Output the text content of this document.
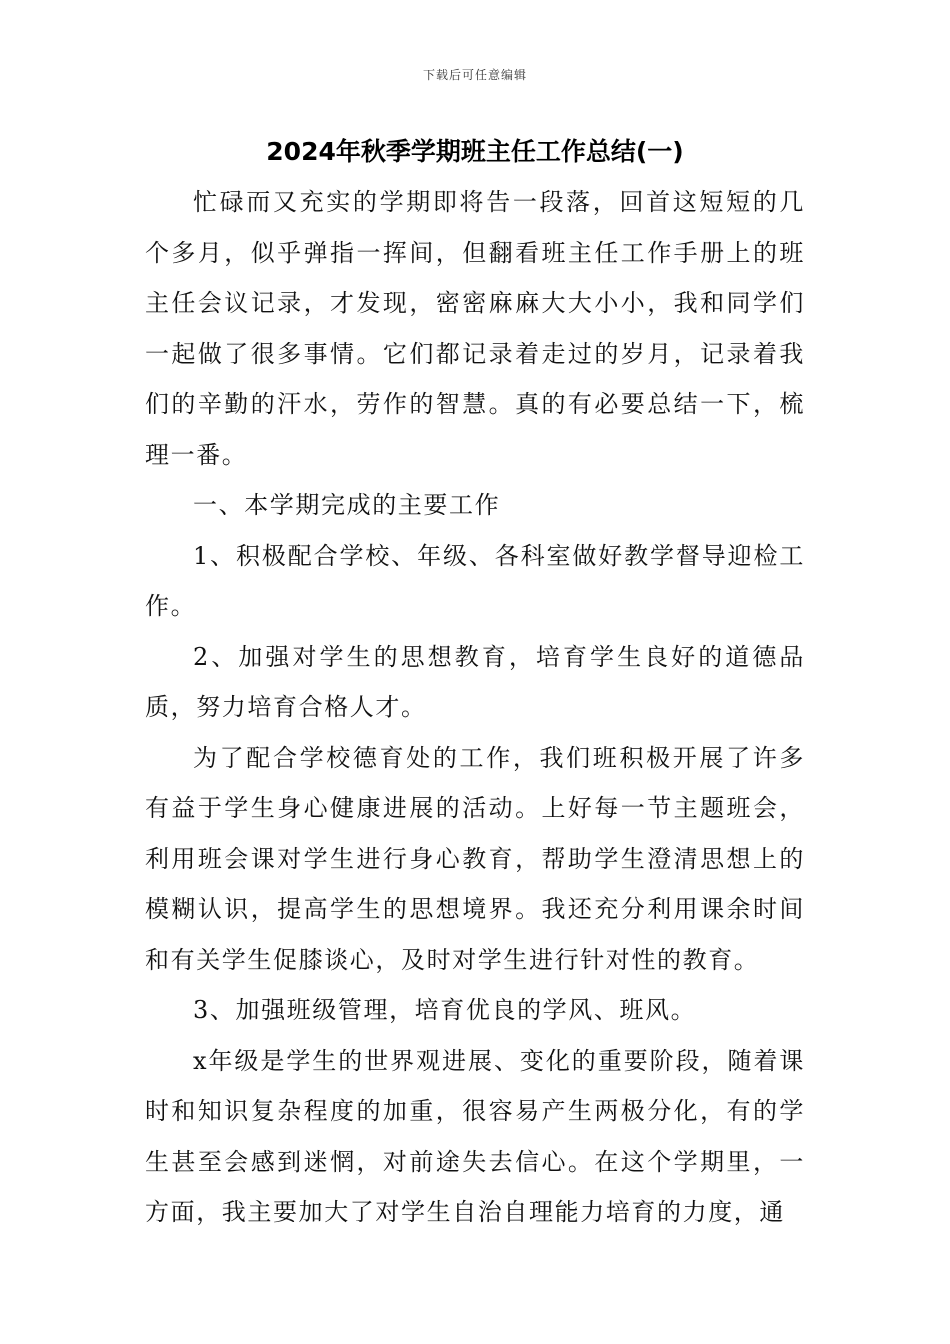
下载后可任意编辑
2024年秋季学期班主任工作总结(一)

忙碌而又充实的学期即将告一段落，回首这短短的几个多月，似乎弹指一挥间，但翻看班主任工作手册上的班主任会议记录，才发现，密密麻麻大大小小，我和同学们一起做了很多事情。它们都记录着走过的岁月，记录着我们的辛勤的汗水，劳作的智慧。真的有必要总结一下，梳理一番。

一、本学期完成的主要工作

1、积极配合学校、年级、各科室做好教学督导迎检工作。

2、加强对学生的思想教育，培育学生良好的道德品质，努力培育合格人才。

为了配合学校德育处的工作，我们班积极开展了许多有益于学生身心健康进展的活动。上好每一节主题班会，利用班会课对学生进行身心教育，帮助学生澄清思想上的模糊认识，提高学生的思想境界。我还充分利用课余时间和有关学生促膝谈心，及时对学生进行针对性的教育。

3、加强班级管理，培育优良的学风、班风。

x年级是学生的世界观进展、变化的重要阶段，随着课时和知识复杂程度的加重，很容易产生两极分化，有的学生甚至会感到迷惘，对前途失去信心。在这个学期里，一方面，我主要加大了对学生自治自理能力培育的力度，通
